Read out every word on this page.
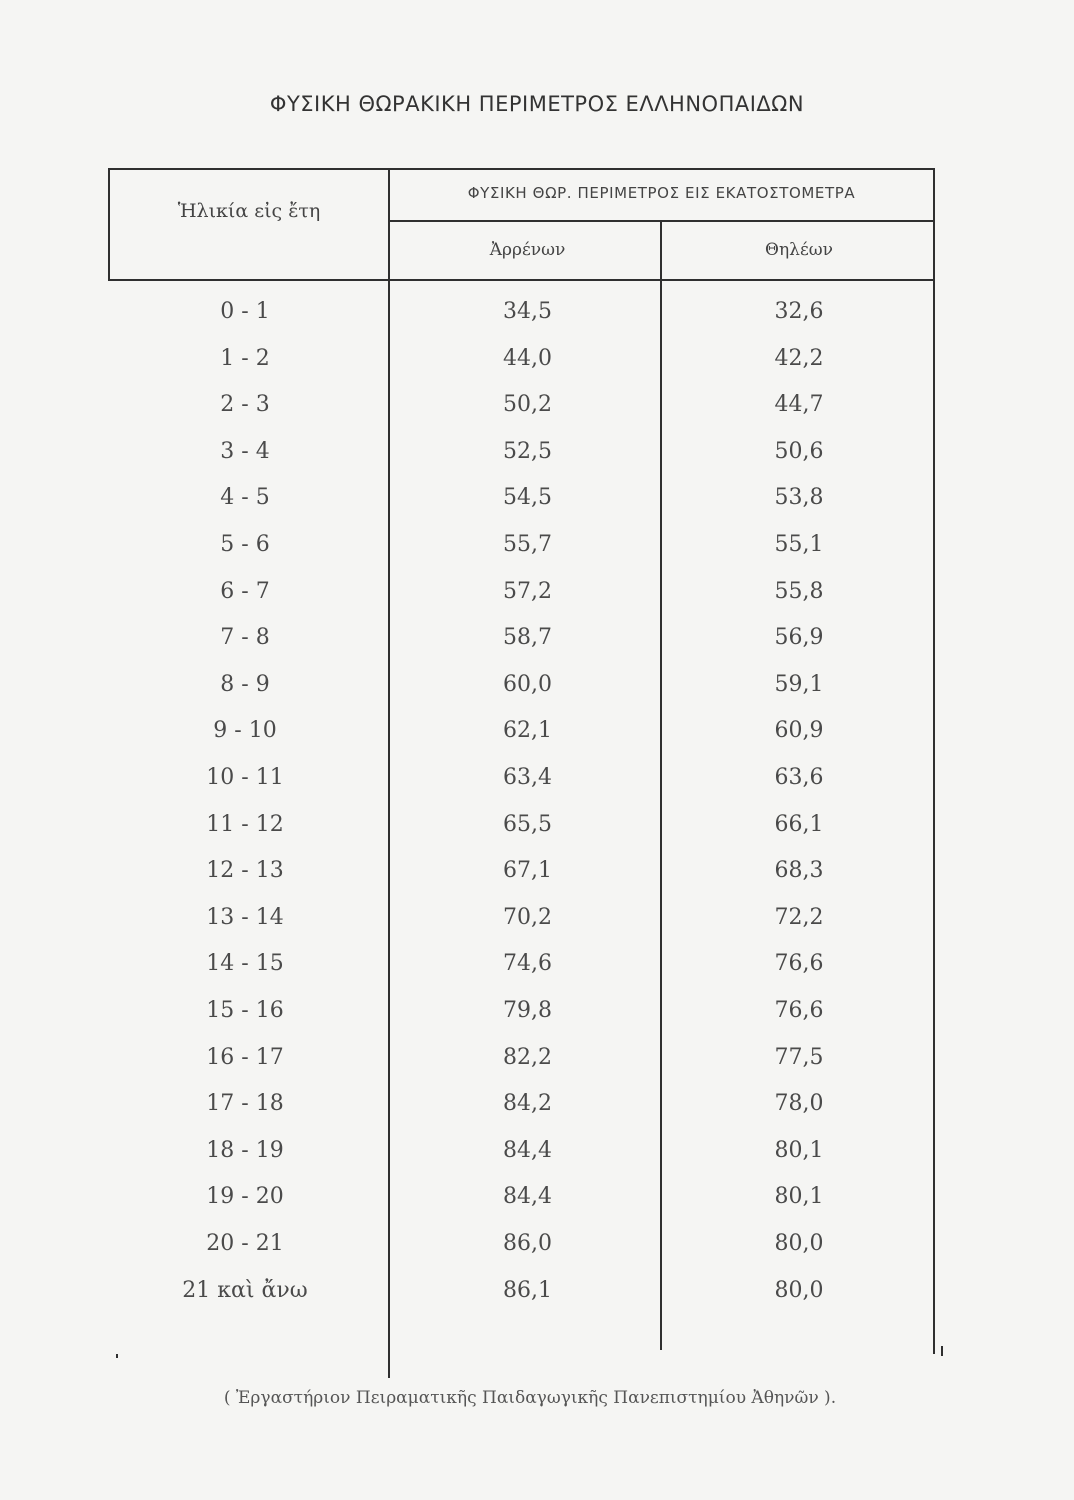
ΦΥΣΙΚΗ ΘΩΡΑΚΙΚΗ ΠΕΡΙΜΕΤΡΟΣ ΕΛΛΗΝΟΠΑΙΔΩΝ
Ἡλικία εἰς ἔτη
ΦΥΣΙΚΗ ΘΩΡ. ΠΕΡΙΜΕΤΡΟΣ ΕΙΣ ΕΚΑΤΟΣΤΟΜΕΤΡΑ
Ἀρρένων	Θηλέων
0 - 1	34,5	32,6
1 - 2	44,0	42,2
2 - 3	50,2	44,7
3 - 4	52,5	50,6
4 - 5	54,5	53,8
5 - 6	55,7	55,1
6 - 7	57,2	55,8
7 - 8	58,7	56,9
8 - 9	60,0	59,1
9 - 10	62,1	60,9
10 - 11	63,4	63,6
11 - 12	65,5	66,1
12 - 13	67,1	68,3
13 - 14	70,2	72,2
14 - 15	74,6	76,6
15 - 16	79,8	76,6
16 - 17	82,2	77,5
17 - 18	84,2	78,0
18 - 19	84,4	80,1
19 - 20	84,4	80,1
20 - 21	86,0	80,0
21 καὶ ἄνω	86,1	80,0
( Ἐργαστήριον Πειραματικῆς Παιδαγωγικῆς Πανεπιστημίου Ἀθηνῶν ).
